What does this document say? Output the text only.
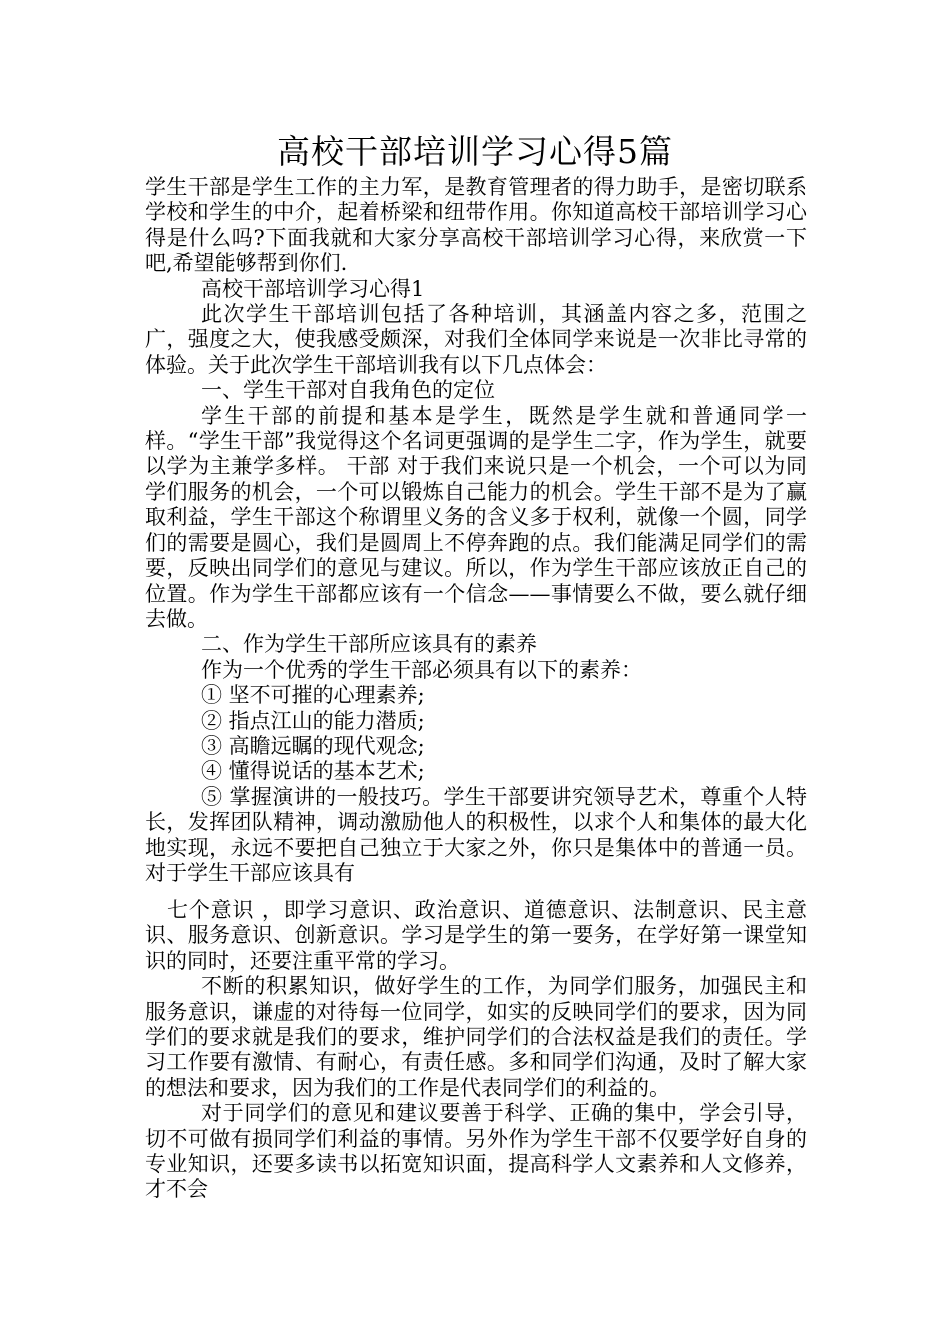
高校干部培训学习心得5篇

学生干部是学生工作的主力军，是教育管理者的得力助手，是密切联系学校和学生的中介，起着桥梁和纽带作用。你知道高校干部培训学习心得是什么吗?下面我就和大家分享高校干部培训学习心得，来欣赏一下吧,希望能够帮到你们.

高校干部培训学习心得1

此次学生干部培训包括了各种培训，其涵盖内容之多，范围之广，强度之大，使我感受颇深，对我们全体同学来说是一次非比寻常的体验。关于此次学生干部培训我有以下几点体会：

一、学生干部对自我角色的定位

学生干部的前提和基本是学生，既然是学生就和普通同学一样。“学生干部”我觉得这个名词更强调的是学生二字，作为学生，就要以学为主兼学多样。 干部 对于我们来说只是一个机会，一个可以为同学们服务的机会，一个可以锻炼自己能力的机会。学生干部不是为了赢取利益，学生干部这个称谓里义务的含义多于权利，就像一个圆，同学们的需要是圆心，我们是圆周上不停奔跑的点。我们能满足同学们的需要，反映出同学们的意见与建议。所以，作为学生干部应该放正自己的位置。作为学生干部都应该有一个信念——事情要么不做，要么就仔细去做。

二、作为学生干部所应该具有的素养

作为一个优秀的学生干部必须具有以下的素养：

① 坚不可摧的心理素养;

② 指点江山的能力潜质;

③ 高瞻远瞩的现代观念;

④ 懂得说话的基本艺术;

⑤ 掌握演讲的一般技巧。学生干部要讲究领导艺术，尊重个人特长，发挥团队精神，调动激励他人的积极性，以求个人和集体的最大化地实现，永远不要把自己独立于大家之外，你只是集体中的普通一员。对于学生干部应该具有

七个意识 ，即学习意识、政治意识、道德意识、法制意识、民主意识、服务意识、创新意识。学习是学生的第一要务，在学好第一课堂知识的同时，还要注重平常的学习。

不断的积累知识，做好学生的工作，为同学们服务，加强民主和服务意识，谦虚的对待每一位同学，如实的反映同学们的要求，因为同学们的要求就是我们的要求，维护同学们的合法权益是我们的责任。学习工作要有激情、有耐心，有责任感。多和同学们沟通，及时了解大家的想法和要求，因为我们的工作是代表同学们的利益的。

对于同学们的意见和建议要善于科学、正确的集中，学会引导，切不可做有损同学们利益的事情。另外作为学生干部不仅要学好自身的专业知识，还要多读书以拓宽知识面，提高科学人文素养和人文修养，才不会
